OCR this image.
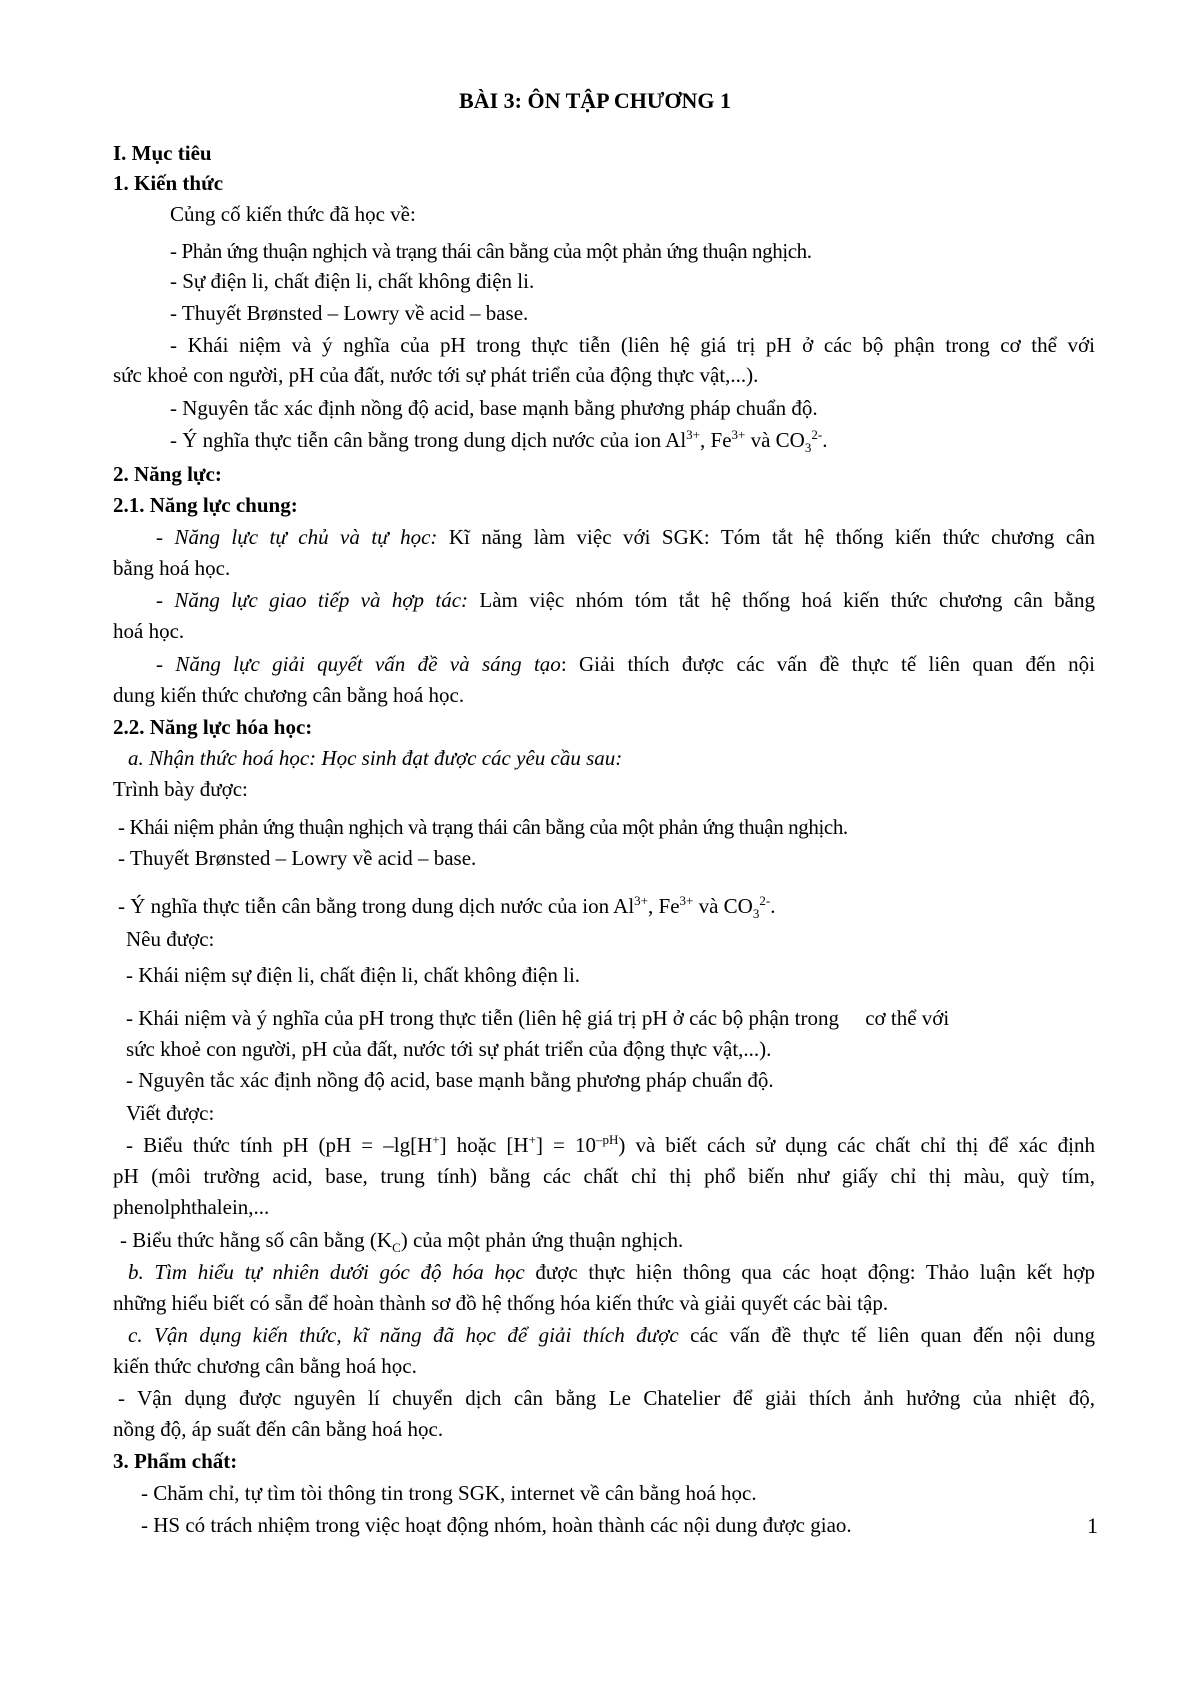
BÀI 3: ÔN TẬP CHƯƠNG 1
I. Mục tiêu
1. Kiến thức
Củng cố kiến thức đã học về:
- Phản ứng thuận nghịch và trạng thái cân bằng của một phản ứng thuận nghịch.
- Sự điện li, chất điện li, chất không điện li.
- Thuyết Brønsted – Lowry về acid – base.
- Khái niệm và ý nghĩa của pH trong thực tiễn (liên hệ giá trị pH ở các bộ phận trong cơ thể với
sức khoẻ con người, pH của đất, nước tới sự phát triển của động thực vật,...).
- Nguyên tắc xác định nồng độ acid, base mạnh bằng phương pháp chuẩn độ.
- Ý nghĩa thực tiễn cân bằng trong dung dịch nước của ion $Al^{3+}$, $Fe^{3+}$ và $CO_3^{2-}$.
2. Năng lực:
2.1. Năng lực chung:
- Năng lực tự chủ và tự học: Kĩ năng làm việc với SGK: Tóm tắt hệ thống kiến thức chương cân
bằng hoá học.
- Năng lực giao tiếp và hợp tác: Làm việc nhóm tóm tắt hệ thống hoá kiến thức chương cân bằng
hoá học.
- Năng lực giải quyết vấn đề và sáng tạo: Giải thích được các vấn đề thực tế liên quan đến nội
dung kiến thức chương cân bằng hoá học.
2.2. Năng lực hóa học:
a. Nhận thức hoá học: Học sinh đạt được các yêu cầu sau:
Trình bày được:
- Khái niệm phản ứng thuận nghịch và trạng thái cân bằng của một phản ứng thuận nghịch.
- Thuyết Brønsted – Lowry về acid – base.
- Ý nghĩa thực tiễn cân bằng trong dung dịch nước của ion $Al^{3+}$, $Fe^{3+}$ và $CO_3^{2-}$.
Nêu được:
- Khái niệm sự điện li, chất điện li, chất không điện li.
- Khái niệm và ý nghĩa của pH trong thực tiễn (liên hệ giá trị pH ở các bộ phận trong     cơ thể với
sức khoẻ con người, pH của đất, nước tới sự phát triển của động thực vật,...).
- Nguyên tắc xác định nồng độ acid, base mạnh bằng phương pháp chuẩn độ.
Viết được:
- Biểu thức tính pH (pH = –lg[H+] hoặc $[H^+] = 10^{-pH}$) và biết cách sử dụng các chất chỉ thị để xác định
pH (môi trường acid, base, trung tính) bằng các chất chỉ thị phổ biến như giấy chỉ thị màu, quỳ tím,
phenolphthalein,...
- Biểu thức hằng số cân bằng $(K_C)$ của một phản ứng thuận nghịch.
b. Tìm hiểu tự nhiên dưới góc độ hóa học được thực hiện thông qua các hoạt động: Thảo luận kết hợp
những hiểu biết có sẵn để hoàn thành sơ đồ hệ thống hóa kiến thức và giải quyết các bài tập.
c. Vận dụng kiến thức, kĩ năng đã học để giải thích được các vấn đề thực tế liên quan đến nội dung
kiến thức chương cân bằng hoá học.
- Vận dụng được nguyên lí chuyển dịch cân bằng Le Chatelier để giải thích ảnh hưởng của nhiệt độ,
nồng độ, áp suất đến cân bằng hoá học.
3. Phẩm chất:
- Chăm chỉ, tự tìm tòi thông tin trong SGK, internet về cân bằng hoá học.
- HS có trách nhiệm trong việc hoạt động nhóm, hoàn thành các nội dung được giao.	1
